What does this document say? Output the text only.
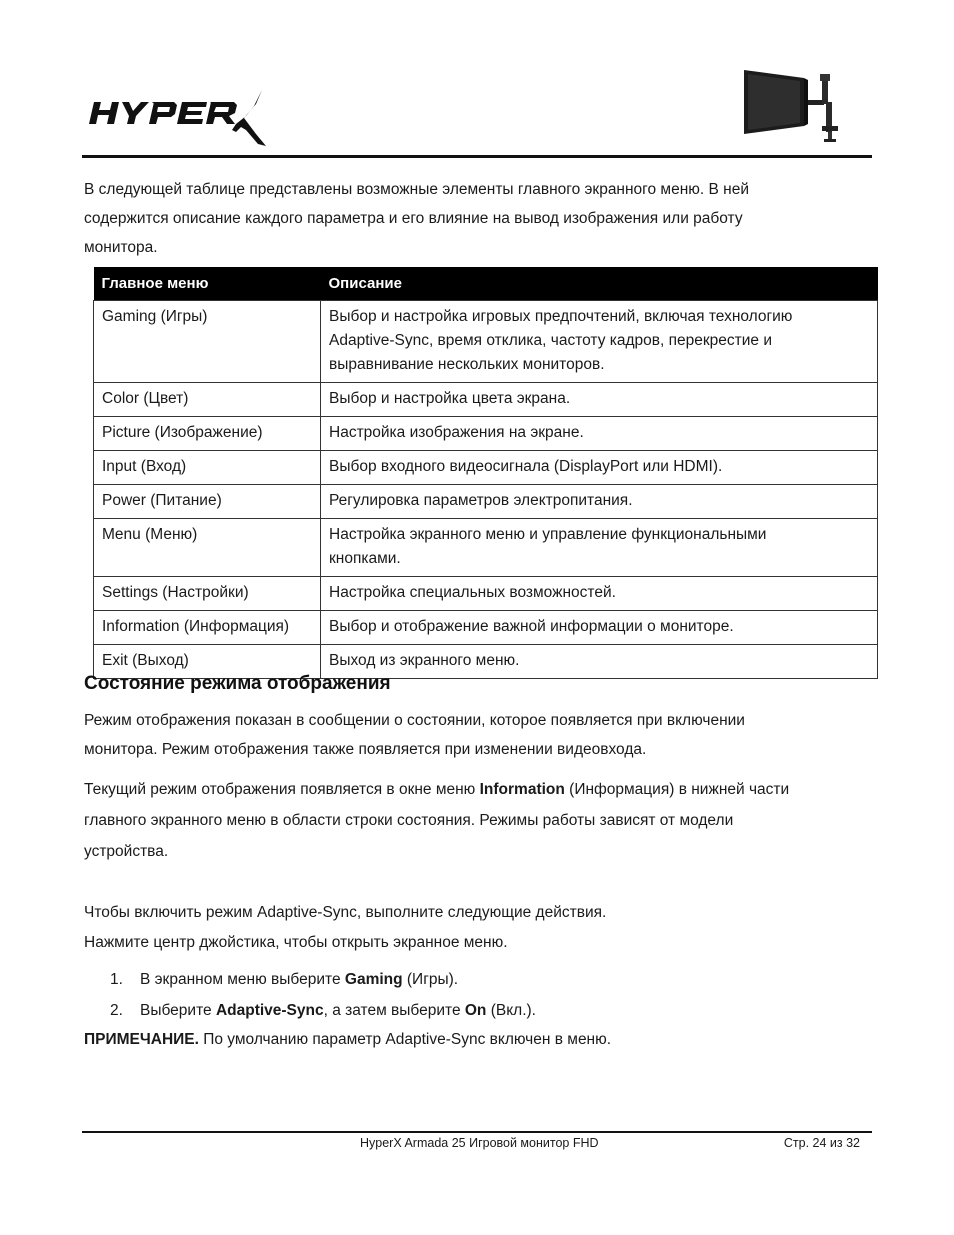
В следующей таблице представлены возможные элементы главного экранного меню. В ней

содержится описание каждого параметра и его влияние на вывод изображения или работу

монитора.

Главное меню	Описание
Gaming (Игры)	Выбор и настройка игровых предпочтений, включая технологию
Adaptive-Sync, время отклика, частоту кадров, перекрестие и
выравнивание нескольких мониторов.

Color (Цвет)	Выбор и настройка цвета экрана.

Picture (Изображение)	Настройка изображения на экране.

Input (Вход)	Выбор входного видеосигнала (DisplayPort или HDMI).

Power (Питание)	Регулировка параметров электропитания.

Menu (Меню)	Настройка экранного меню и управление функциональными
кнопками.

Settings (Настройки)	Настройка специальных возможностей.

Information (Информация)	Выбор и отображение важной информации о мониторе.

Exit (Выход)	Выход из экранного меню.
Состояние режима отображения

Режим отображения показан в сообщении о состоянии, которое появляется при включении

монитора. Режим отображения также появляется при изменении видеовхода.

Текущий режим отображения появляется в окне меню Information (Информация) в нижней части

главного экранного меню в области строки состояния. Режимы работы зависят от модели

устройства.

Чтобы включить режим Adaptive-Sync, выполните следующие действия.

Нажмите центр джойстика, чтобы открыть экранное меню.

1. В экранном меню выберите Gaming (Игры).
2. Выберите Adaptive-Sync, а затем выберите On (Вкл.).

ПРИМЕЧАНИЕ. По умолчанию параметр Adaptive-Sync включен в меню.

HyperX Armada 25 Игровой монитор FHD	Стр. 24 из 32
